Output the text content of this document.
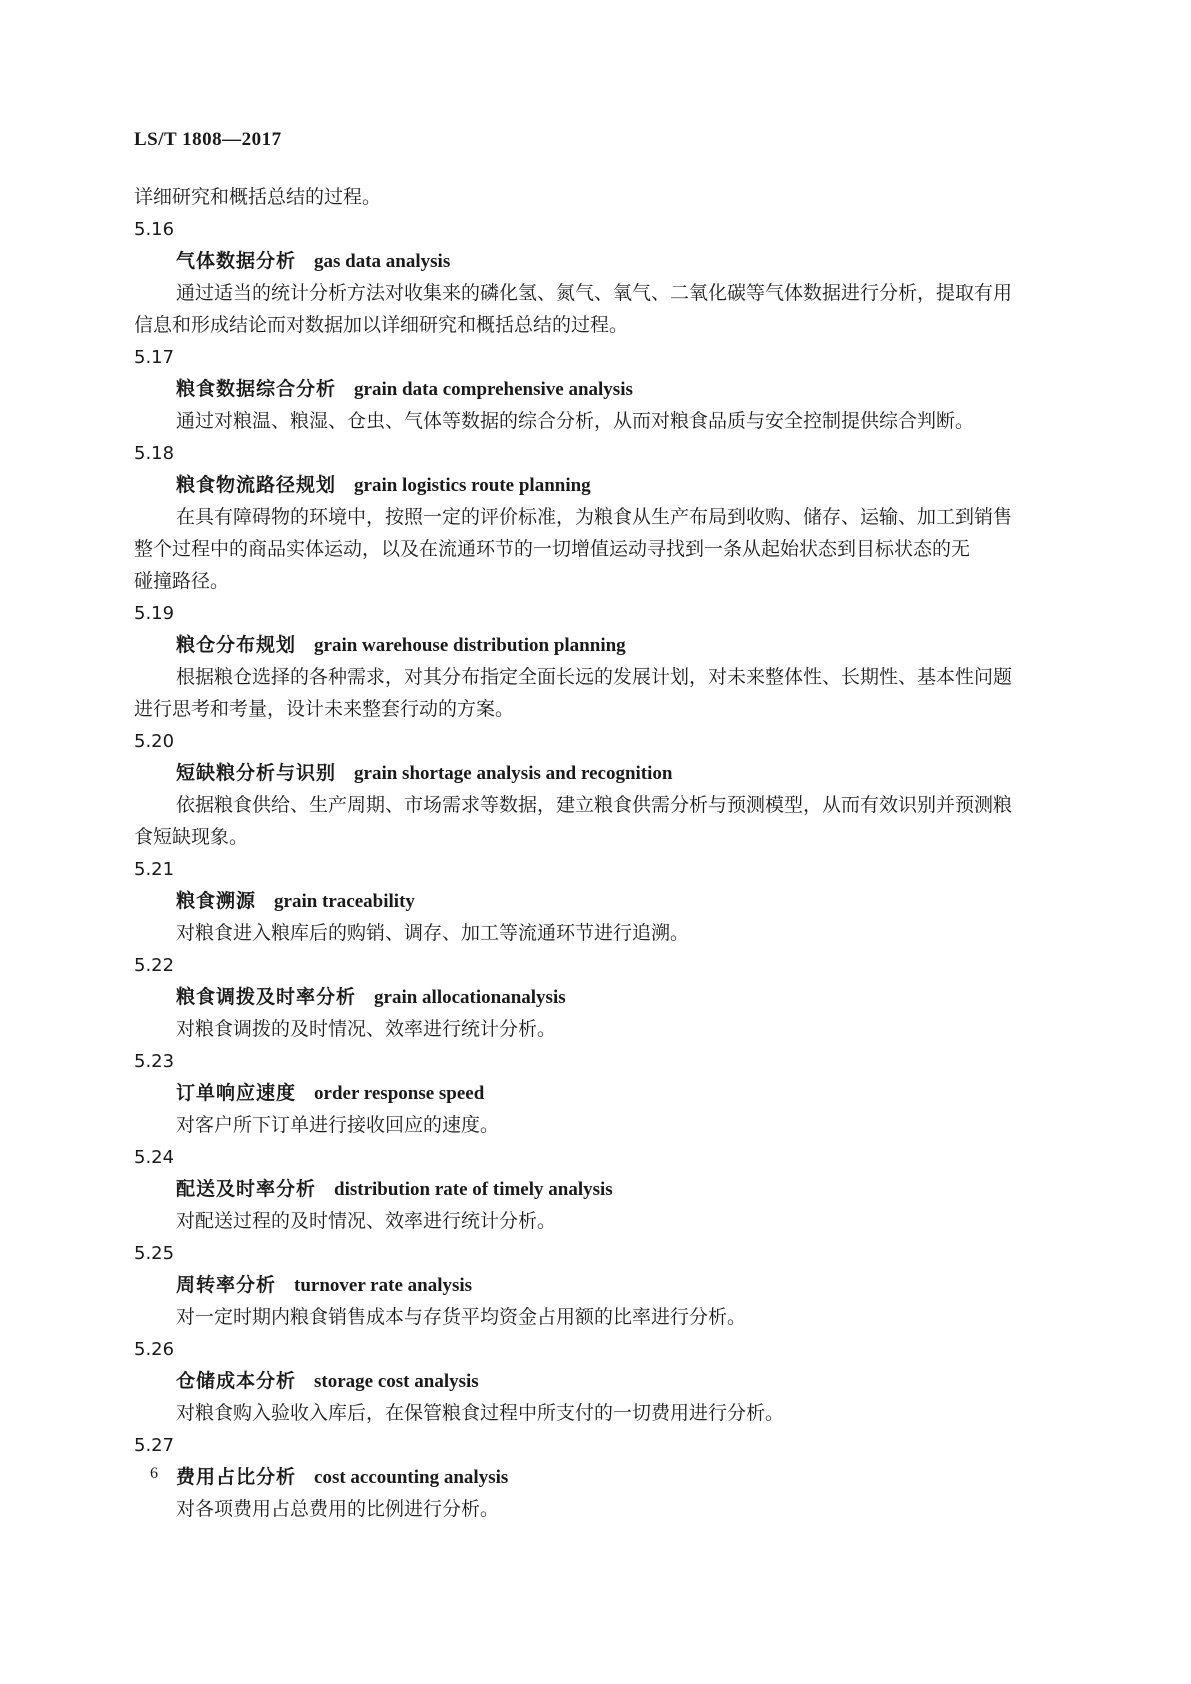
LS/T 1808—2017
详细研究和概括总结的过程。
5.16
气体数据分析 gas data analysis
通过适当的统计分析方法对收集来的磷化氢、氮气、氧气、二氧化碳等气体数据进行分析，提取有用
信息和形成结论而对数据加以详细研究和概括总结的过程。
5.17
粮食数据综合分析 grain data comprehensive analysis
通过对粮温、粮湿、仓虫、气体等数据的综合分析，从而对粮食品质与安全控制提供综合判断。
5.18
粮食物流路径规划 grain logistics route planning
在具有障碍物的环境中，按照一定的评价标准，为粮食从生产布局到收购、储存、运输、加工到销售
整个过程中的商品实体运动，以及在流通环节的一切增值运动寻找到一条从起始状态到目标状态的无
碰撞路径。
5.19
粮仓分布规划 grain warehouse distribution planning
根据粮仓选择的各种需求，对其分布指定全面长远的发展计划，对未来整体性、长期性、基本性问题
进行思考和考量，设计未来整套行动的方案。
5.20
短缺粮分析与识别 grain shortage analysis and recognition
依据粮食供给、生产周期、市场需求等数据，建立粮食供需分析与预测模型，从而有效识别并预测粮
食短缺现象。
5.21
粮食溯源 grain traceability
对粮食进入粮库后的购销、调存、加工等流通环节进行追溯。
5.22
粮食调拨及时率分析 grain allocationanalysis
对粮食调拨的及时情况、效率进行统计分析。
5.23
订单响应速度 order response speed
对客户所下订单进行接收回应的速度。
5.24
配送及时率分析 distribution rate of timely analysis
对配送过程的及时情况、效率进行统计分析。
5.25
周转率分析 turnover rate analysis
对一定时期内粮食销售成本与存货平均资金占用额的比率进行分析。
5.26
仓储成本分析 storage cost analysis
对粮食购入验收入库后，在保管粮食过程中所支付的一切费用进行分析。
5.27
费用占比分析 cost accounting analysis
对各项费用占总费用的比例进行分析。
6
